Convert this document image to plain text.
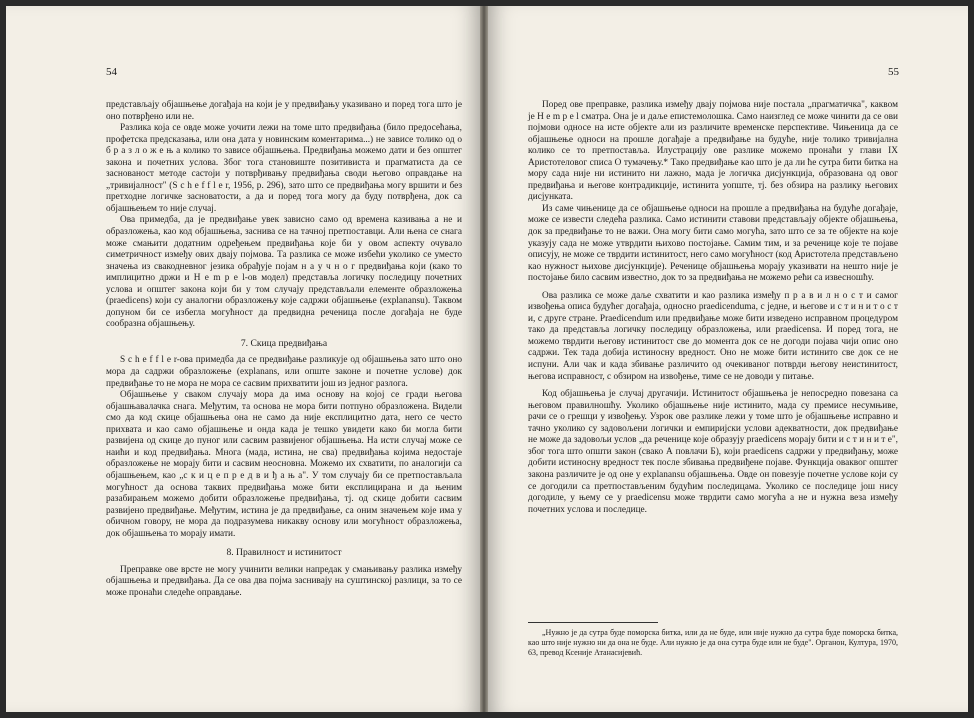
54

представљају објашњење догађаја на који је у предвиђању указивано и поред тога што је оно потврђено или не.

Разлика која се овде може уочити лежи на томе што предвиђања (било предосећања, профетска предсказања, или она дата у новинским коментарима...) не зависе толико од о б р а з л о ж е њ а колико то зависе објашњења. Предвиђања можемо дати и без општег закона и почетних услова. Због тога становиште позитивиста и прагматиста да се заснованост методе састоји у потврђивању предвиђања своди његово оправдање на „тривијалност" (S c h e f f l e r, 1956, p. 296), зато што се предвиђања могу вршити и без претходне логичке засноватости, а да и поред тога могу да буду потврђена, док са објашњењем то није случај.

Ова примедба, да је предвиђање увек зависно само од времена казивања а не и образложења, као код објашњења, заснива се на тачној претпоставци. Али њена се снага може смањити додатним одређењем предвиђања које би у овом аспекту очувало симетричност између ових двају појмова. Та разлика се може избећи уколико се уместо значења из свакодневног језика обрађује појам н а у ч н о г предвиђања који (како то имплицитно држи и H e m p e l-ов модел) представља логичку последицу почетних услова и општег закона који би у том случају представљали елементе образложења (praedicens) који су аналогни образложењу које садржи објашњење (explanansu). Таквом допуном би се избегла могућност да предвидна реченица после догађаја не буде сообразна објашњењу.

7. Скица предвиђања

S c h e f f l e r-ова примедба да се предвиђање разликује од објашњења зато што оно мора да садржи образложење (explanans, или опште законе и почетне услове) док предвиђање то не мора не мора се сасвим прихватити још из једног разлога.

Објашњење у сваком случају мора да има основу на којој се гради његова објашњавалачка снага. Међутим, та основа не мора бити потпуно образложена. Видели смо да код скице објашњења она не само да није експлицитно дата, него се често прихвата и као само објашњење и онда када је тешко увидети како би могла бити развијена од скице до пуног или сасвим развијеног објашњења. На исти случај може се наићи и код предвиђања. Многа (мада, истина, не сва) предвиђања којима недостаје образложење не морају бити и сасвим неосновна. Можемо их схватити, по аналогији са објашњењем, као „с к и ц е п р е д в и ђ а њ а". У том случају би се претпостављала могућност да основа таквих предвиђања може бити експлицирана и да њеним разабирањем можемо добити образложење предвиђања, тј. од скице добити сасвим развијено предвиђање. Међутим, истина је да предвиђање, са оним значењем које има у обичном говору, не мора да подразумева никакву основу или могућност образложења, док објашњења то морају имати.

8. Правилност и истинитост

Преправке ове врсте не могу учинити велики напредак у смањивању разлика између објашњења и предвиђања. Да се ова два појма заснивају на суштинској разлици, за то се може пронаћи следеће оправдање.

55

Поред ове преправке, разлика између двају појмова није постала „прагматичка", каквом је H e m p e l смaтра. Она је и даље епистемолошка. Само наизглед се може чинити да се ови појмови односе на исте објекте али из различите временске перспективе. Чињеница да се објашњење односи на прошле догађаје а предвиђање на будуће, није толико тривијална колико се то претпоставља. Илустрацију ове разлике можемо пронаћи у глави IX Аристотеловог списа О тумачењу.* Тако предвиђање као што је да ли ће сутра бити битка на мору сада није ни истинито ни лажно, мада је логичка дисјункција, образована од овог предвиђања и његове контрадикције, истинита уопште, тј. без обзира на разлику његових дисјунката.

Из саме чињенице да се објашњење односи на прошле а предвиђања на будуће догађаје, може се извести следећа разлика. Само истинити ставови представљају објекте објашњења, док за предвиђање то не важи. Она могу бити само могућа, зато што се за те објекте на које указују сада не може утврдити њихово постојање. Самим тим, и за реченице које те појаве описују, не може се тврдити истинитост, него само могућност (код Аристотела представљено као нужност њихове дисјункције). Реченице објашњења морају указивати на нешто није је постојање било сасвим известно, док то за предвиђања не можемо рећи са извесношћу.

Ова разлика се може даље схватити и као разлика између п р а в и л н о с т и самог извођења описа будућег догађаја, односно praedicendumа, с једне, и његове и с т и н и т о с т и, с друге стране. Praedicendum или предвиђање може бити изведено исправном процедуром тако да представља логичку последицу образложења, или praedicensа. И поред тога, не можемо тврдити његову истинитост све до момента док се не догоди појава чији опис оно садржи. Тек тада добија истиносну вредност. Оно не може бити истинито све док се не испуни. Али чак и када збивање различито од очекиваног потврди његову неистинитост, његова исправност, с обзиром на извођење, тиме се не доводи у питање.

Код објашњења је случај другачији. Истинитост објашњења је непосредно повезана са његовом правилношћу. Уколико објашњење није истинито, мада су премисе несумњиве, рачи се о грешци у извођењу. Узрок ове разлике лежи у томе што је објашњење исправно и тачно уколико су задовољени логички и емпиријски услови адекватности, док предвиђање не може да задовољи услов „да реченице које образују praedicens морају бити и с т и н и т е", због тога што општи закон (свако А повлачи Б), који praedicens садржи у предвиђању, може добити истиносну вредност тек после збивања предвиђене појаве. Функција оваквог општег закона различите је од оне у explanansu објашњења. Овде он повезује почетне услове који су се догодили са претпостављеним будућим последицама. Уколико се последице још нису догодиле, у њему се у praedicensu може тврдити само могућа а не и нужна веза између почетних услова и последице.

„Нужно је да сутра буде поморска битка, или да не буде, или није нужно да сутра буде поморска битка, као што није нужно ни да она не буде. Али нужно је да она сутра буде или не буде". Органон, Култура, 1970, 63, превод Ксеније Атанасијевић.
